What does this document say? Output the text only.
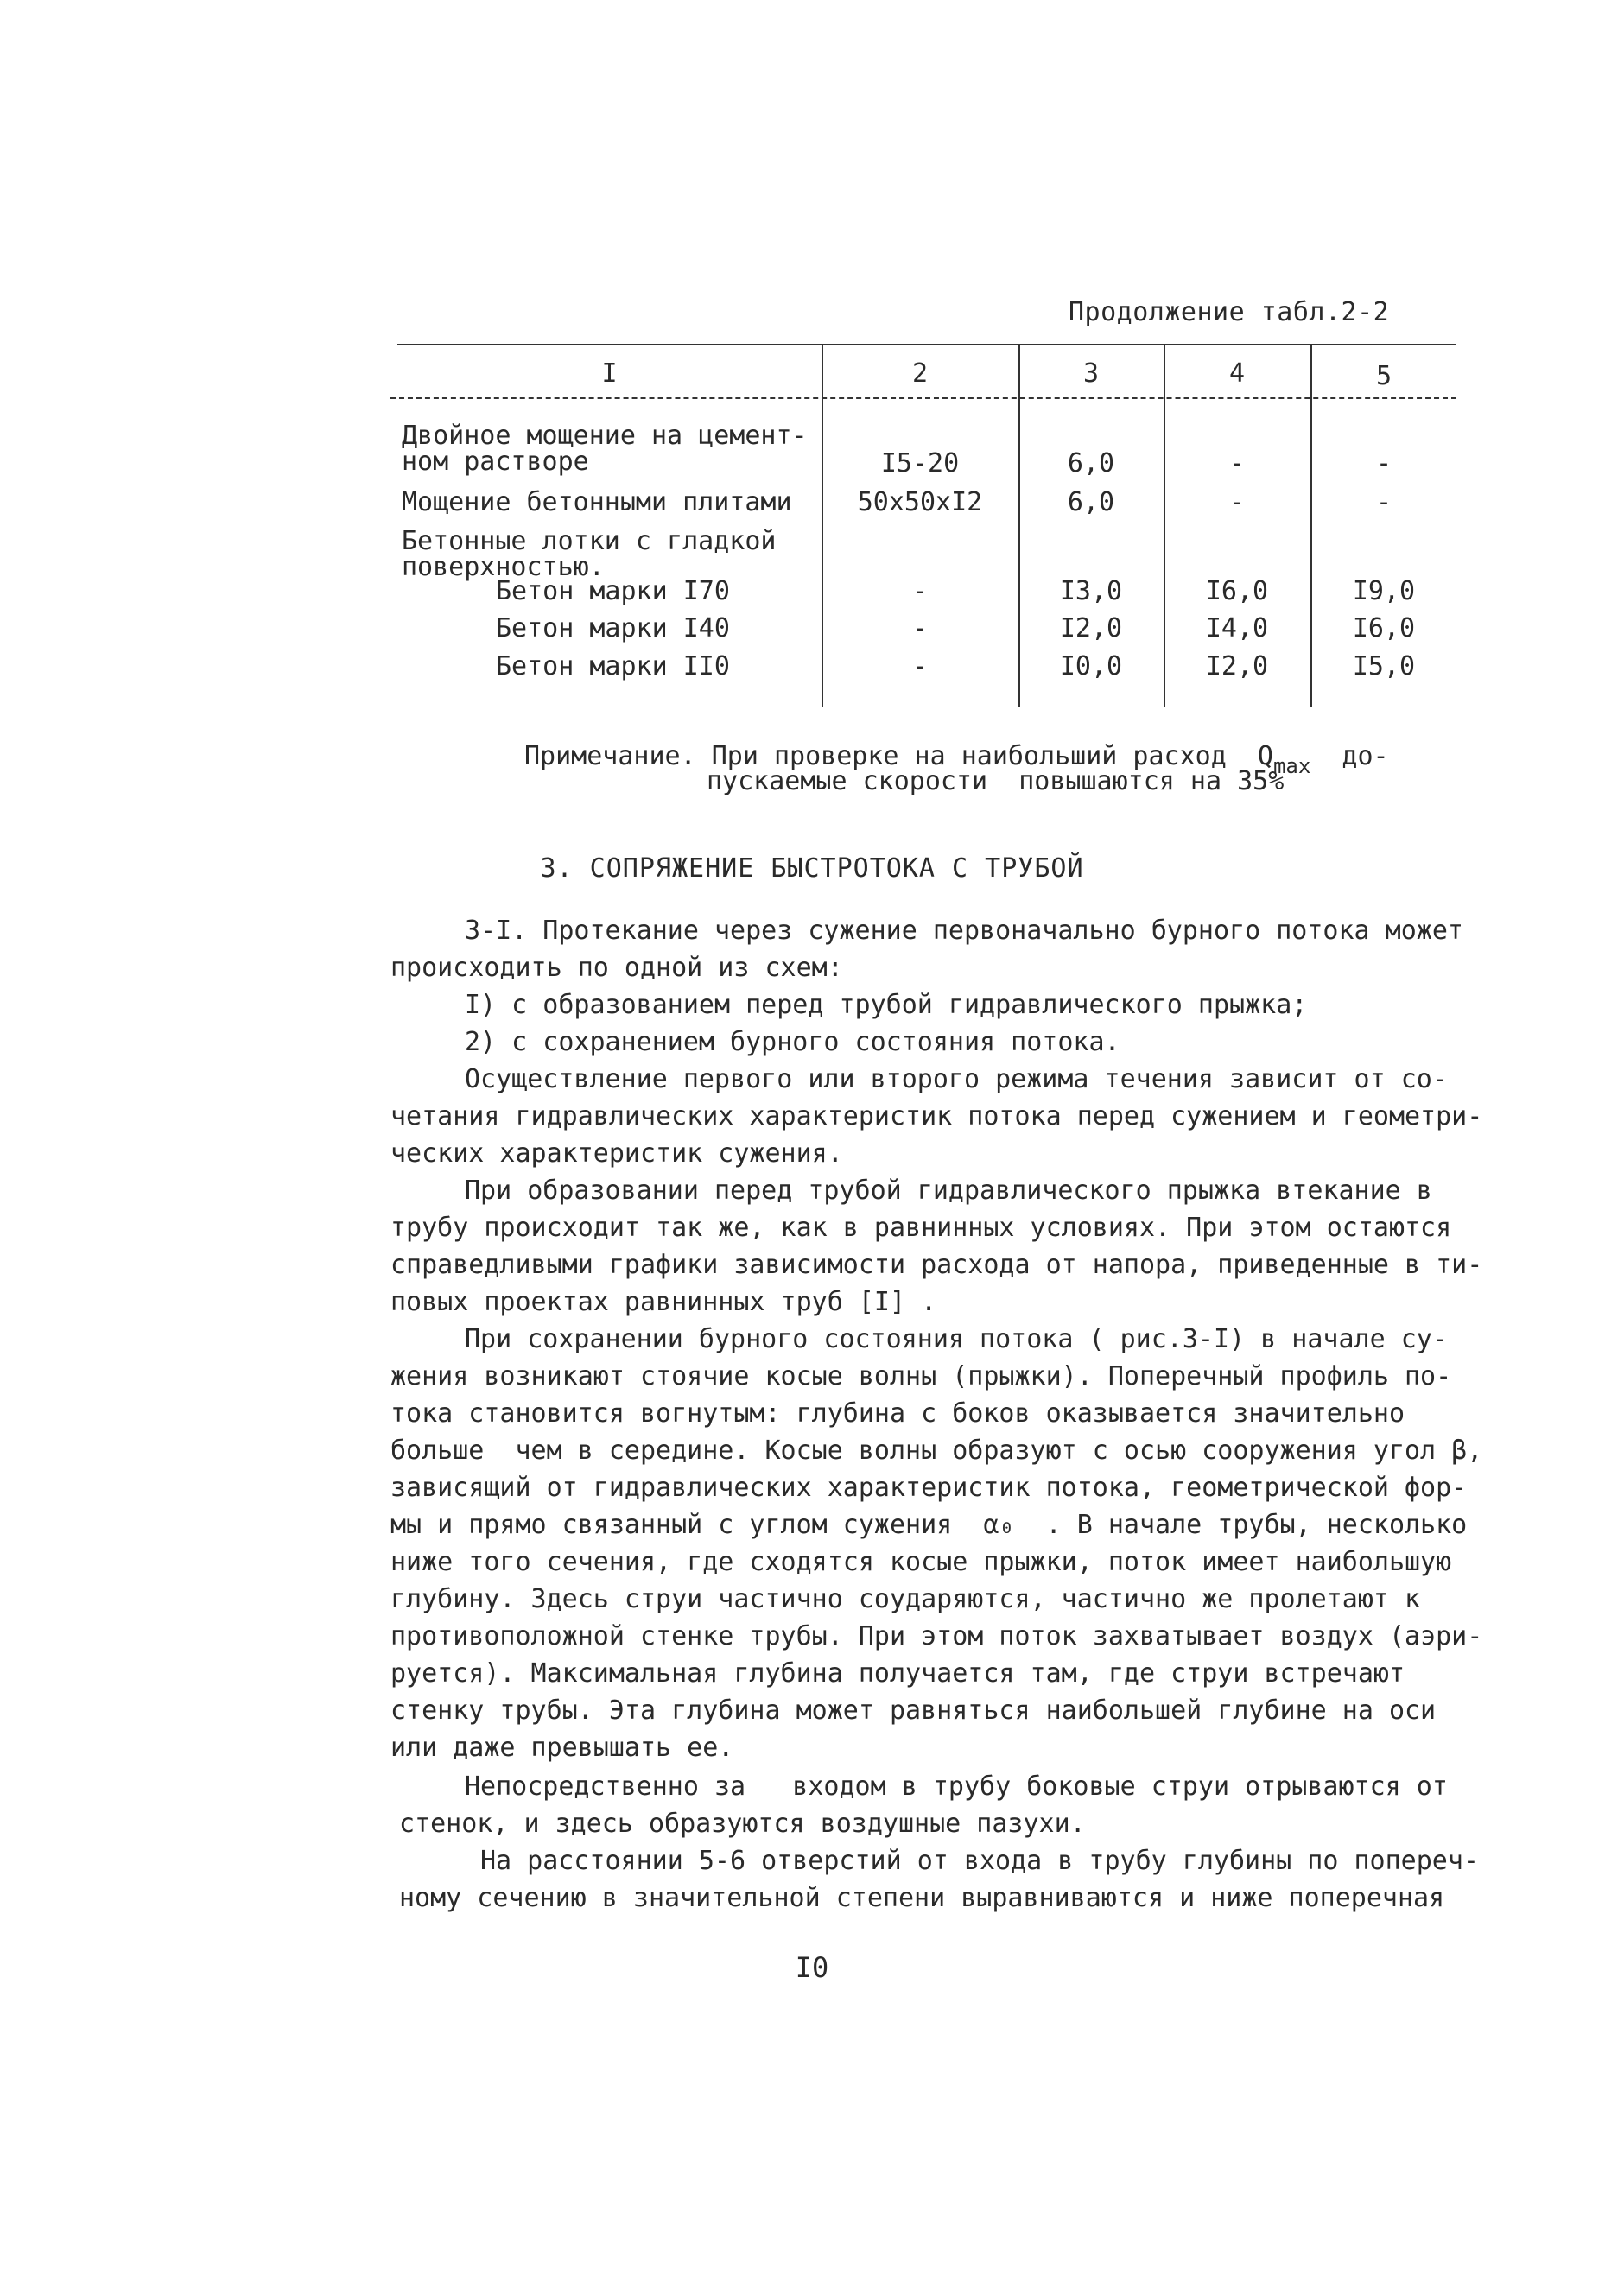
Продолжение табл.2-2
I	2	3	4	5
Двойное мощение на цемент-
ном растворе	I5-20	6,0	-	-
Мощение бетонными плитами	50х50хI2	6,0	-	-
Бетонные лотки с гладкой
поверхностью.
Бетон марки I70	-	I3,0	I6,0	I9,0
Бетон марки I40	-	I2,0	I4,0	I6,0
Бетон марки II0	-	I0,0	I2,0	I5,0
Примечание. При проверке на наибольший расход  $Q_{max}$  до-
пускаемые скорости  повышаются на 35%
3. СОПРЯЖЕНИЕ БЫСТРОТОКА С ТРУБОЙ
3-I. Протекание через сужение первоначально бурного потока может
происходить по одной из схем:
I) с образованием перед трубой гидравлического прыжка;
2) с сохранением бурного состояния потока.
Осуществление первого или второго режима течения зависит от со-
четания гидравлических характеристик потока перед сужением и геометри-
ческих характеристик сужения.
При образовании перед трубой гидравлического прыжка втекание в
трубу происходит так же, как в равнинных условиях. При этом остаются
справедливыми графики зависимости расхода от напора, приведенные в ти-
повых проектах равнинных труб [I] .
При сохранении бурного состояния потока ( рис.3-I) в начале су-
жения возникают стоячие косые волны (прыжки). Поперечный профиль по-
тока становится вогнутым: глубина с боков оказывается значительно
больше  чем в середине. Косые волны образуют с осью сооружения угол β,
зависящий от гидравлических характеристик потока, геометрической фор-
мы и прямо связанный с углом сужения  α₀  . В начале трубы, несколько
ниже того сечения, где сходятся косые прыжки, поток имеет наибольшую
глубину. Здесь струи частично соударяются, частично же пролетают к
противоположной стенке трубы. При этом поток захватывает воздух (аэри-
руется). Максимальная глубина получается там, где струи встречают
стенку трубы. Эта глубина может равняться наибольшей глубине на оси
или даже превышать ее.
Непосредственно за   входом в трубу боковые струи отрываются от
стенок, и здесь образуются воздушные пазухи.
На расстоянии 5-6 отверстий от входа в трубу глубины по попереч-
ному сечению в значительной степени выравниваются и ниже поперечная
I0
